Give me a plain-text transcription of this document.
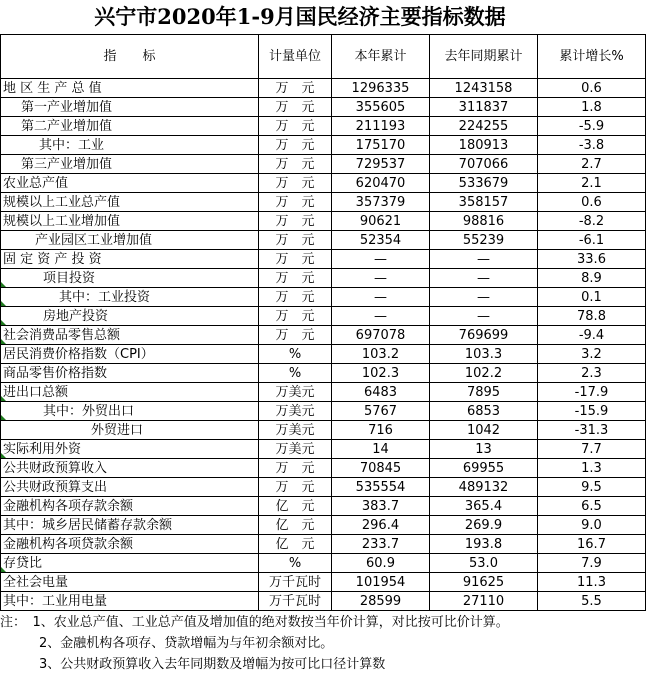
兴宁市2020年1-9月国民经济主要指标数据
指　　标	计量单位	本年累计	去年同期累计	累计增长%
地 区 生 产 总 值	万　元	1296335	1243158	0.6
第一产业增加值	万　元	355605	311837	1.8
第二产业增加值	万　元	211193	224255	-5.9
其中：工业	万　元	175170	180913	-3.8
第三产业增加值	万　元	729537	707066	2.7
农业总产值	万　元	620470	533679	2.1
规模以上工业总产值	万　元	357379	358157	0.6
规模以上工业增加值	万　元	90621	98816	-8.2
产业园区工业增加值	万　元	52354	55239	-6.1
固 定 资 产 投 资	万　元	—	—	33.6
项目投资	万　元	—	—	8.9
其中：工业投资	万　元	—	—	0.1
房地产投资	万　元	—	—	78.8
社会消费品零售总额	万　元	697078	769699	-9.4
居民消费价格指数（CPI）	%	103.2	103.3	3.2
商品零售价格指数	%	102.3	102.2	2.3
进出口总额	万美元	6483	7895	-17.9
其中：外贸出口	万美元	5767	6853	-15.9
外贸进口	万美元	716	1042	-31.3
实际利用外资	万美元	14	13	7.7
公共财政预算收入	万　元	70845	69955	1.3
公共财政预算支出	万　元	535554	489132	9.5
金融机构各项存款余额	亿　元	383.7	365.4	6.5
其中：城乡居民储蓄存款余额	亿　元	296.4	269.9	9.0
金融机构各项贷款余额	亿　元	233.7	193.8	16.7
存贷比	%	60.9	53.0	7.9
全社会电量	万千瓦时	101954	91625	11.3
其中：工业用电量	万千瓦时	28599	27110	5.5
注：　1、农业总产值、工业总产值及增加值的绝对数按当年价计算，对比按可比价计算。
　　　2、金融机构各项存、贷款增幅为与年初余额对比。
　　　3、公共财政预算收入去年同期数及增幅为按可比口径计算数
